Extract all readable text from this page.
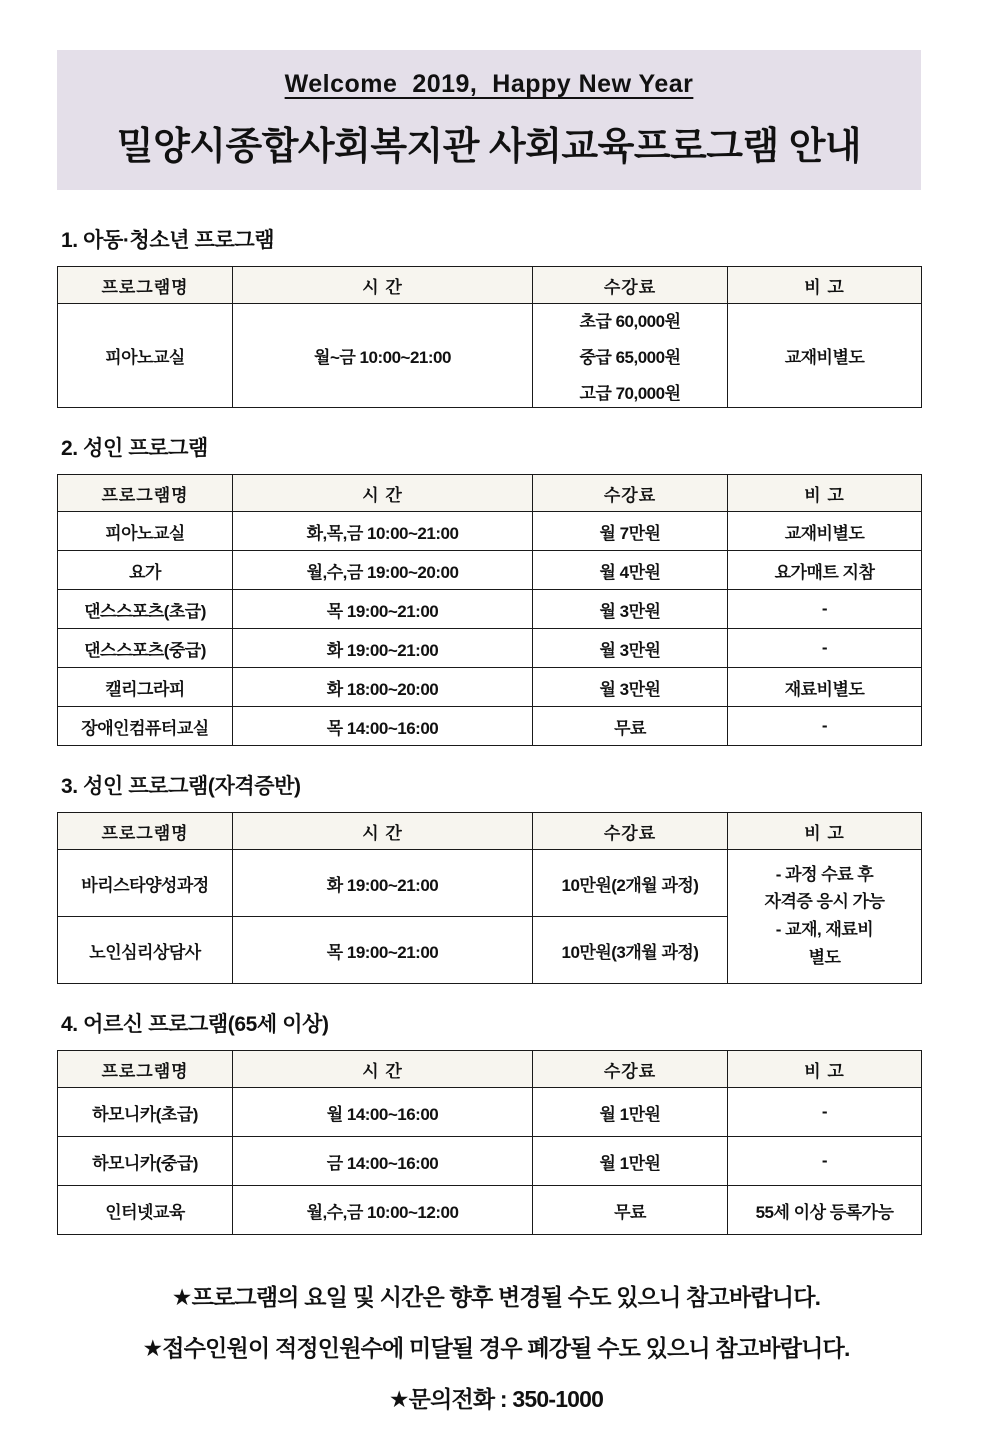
Welcome  2019,  Happy New Year
밀양시종합사회복지관 사회교육프로그램 안내
1. 아동·청소년 프로그램
프로그램명	시 간	수강료	비 고
피아노교실	월~금 10:00~21:00	초급 60,000원
중급 65,000원
고급 70,000원	교재비별도
2. 성인 프로그램
프로그램명	시 간	수강료	비 고
피아노교실	화,목,금 10:00~21:00	월 7만원	교재비별도
요가	월,수,금 19:00~20:00	월 4만원	요가매트 지참
댄스스포츠(초급)	목 19:00~21:00	월 3만원	-
댄스스포츠(중급)	화 19:00~21:00	월 3만원	-
캘리그라피	화 18:00~20:00	월 3만원	재료비별도
장애인컴퓨터교실	목 14:00~16:00	무료	-
3. 성인 프로그램(자격증반)
프로그램명	시 간	수강료	비 고
바리스타양성과정	화 19:00~21:00	10만원(2개월 과정)	- 과정 수료 후
자격증 응시 가능
- 교재, 재료비
별도

노인심리상담사	목 19:00~21:00	10만원(3개월 과정)	
4. 어르신 프로그램(65세 이상)
프로그램명	시 간	수강료	비 고
하모니카(초급)	월 14:00~16:00	월 1만원	-
하모니카(중급)	금 14:00~16:00	월 1만원	-
인터넷교육	월,수,금 10:00~12:00	무료	55세 이상 등록가능
★프로그램의 요일 및 시간은 향후 변경될 수도 있으니 참고바랍니다.
★접수인원이 적정인원수에 미달될 경우 폐강될 수도 있으니 참고바랍니다.
★문의전화 : 350-1000
